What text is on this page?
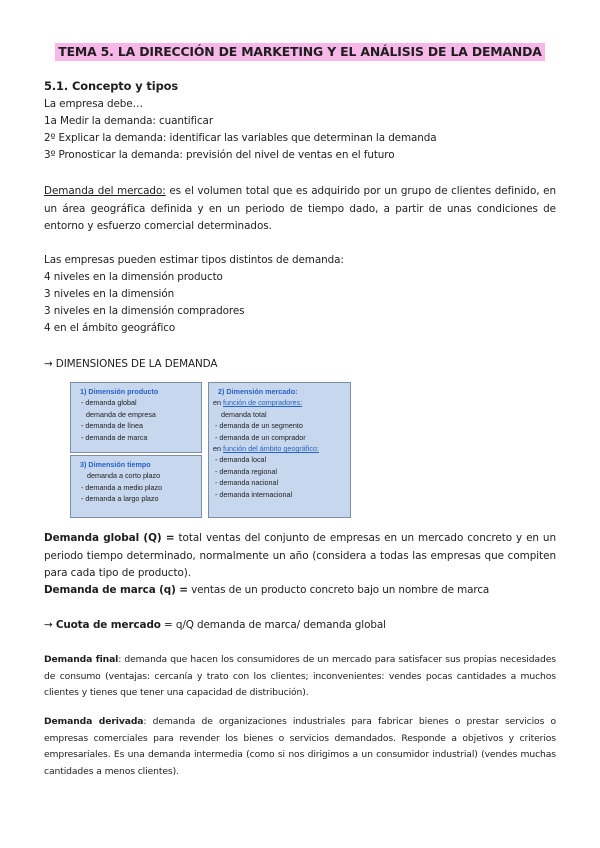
TEMA 5. LA DIRECCIÓN DE MARKETING Y EL ANÁLISIS DE LA DEMANDA
5.1. Concepto y tipos
La empresa debe…
1a Medir la demanda: cuantificar
2º Explicar la demanda: identificar las variables que determinan la demanda
3º Pronosticar la demanda: previsión del nivel de ventas en el futuro
Demanda del mercado: es el volumen total que es adquirido por un grupo de clientes definido, en un área geográfica definida y en un periodo de tiempo dado, a partir de unas condiciones de entorno y esfuerzo comercial determinados.
Las empresas pueden estimar tipos distintos de demanda:
4 niveles en la dimensión producto
3 niveles en la dimensión
3 niveles en la dimensión compradores
4 en el ámbito geográfico
→ DIMENSIONES DE LA DEMANDA
1) Dimensión producto
- demanda global
demanda de empresa
- demanda de línea
- demanda de marca
3) Dimensión tiempo
demanda a corto plazo
- demanda a medio plazo
- demanda a largo plazo
2) Dimensión mercado:
en función de compradores:
demanda total
- demanda de un segmento
- demanda de un comprador
en función del ámbito geográfico:
- demanda local
- demanda regional
- demanda nacional
- demanda internacional
Demanda global (Q) = total ventas del conjunto de empresas en un mercado concreto y en un periodo tiempo determinado, normalmente un año (considera a todas las empresas que compiten para cada tipo de producto).
Demanda de marca (q) = ventas de un producto concreto bajo un nombre de marca
→ Cuota de mercado = q/Q demanda de marca/ demanda global
Demanda final: demanda que hacen los consumidores de un mercado para satisfacer sus propias necesidades de consumo (ventajas: cercanía y trato con los clientes; inconvenientes: vendes pocas cantidades a muchos clientes y tienes que tener una capacidad de distribución).
Demanda derivada: demanda de organizaciones industriales para fabricar bienes o prestar servicios o empresas comerciales para revender los bienes o servicios demandados. Responde a objetivos y criterios empresariales. Es una demanda intermedia (como si nos dirigimos a un consumidor industrial) (vendes muchas cantidades a menos clientes).
